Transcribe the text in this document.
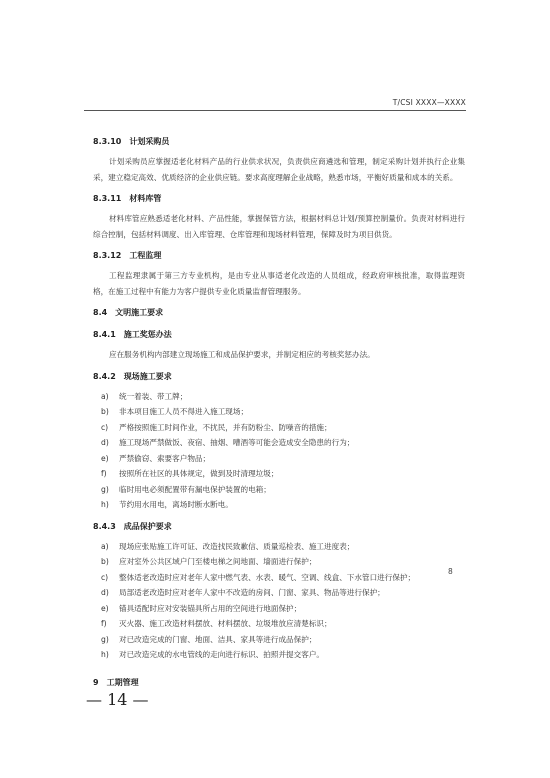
T/CSI XXXX—XXXX
8.3.10 计划采购员
计划采购员应掌握适老化材料产品的行业供求状况，负责供应商遴选和管理，制定采购计划并执行企业集采，建立稳定高效、优质经济的企业供应链。要求高度理解企业战略，熟悉市场，平衡好质量和成本的关系。
8.3.11 材料库管
材料库管应熟悉适老化材料、产品性能，掌握保管方法，根据材料总计划/预算控制量价。负责对材料进行综合控制，包括材料调度、出入库管理、仓库管理和现场材料管理，保障及时为项目供货。
8.3.12 工程监理
工程监理隶属于第三方专业机构，是由专业从事适老化改造的人员组成，经政府审核批准，取得监理资格，在施工过程中有能力为客户提供专业化质量监督管理服务。
8.4 文明施工要求
8.4.1 施工奖惩办法
应在服务机构内部建立现场施工和成品保护要求，并制定相应的考核奖惩办法。
8.4.2 现场施工要求
a) 统一着装、带工牌；
b) 非本项目施工人员不得进入施工现场；
c) 严格按照施工时间作业，不扰民，并有防粉尘、防噪音的措施；
d) 施工现场严禁做饭、夜宿、抽烟、嘈酒等可能会造成安全隐患的行为；
e) 严禁偷窃、索要客户物品；
f) 按照所在社区的具体规定，做到及时清理垃圾；
g) 临时用电必须配置带有漏电保护装置的电箱；
h) 节约用水用电，离场时断水断电。
8.4.3 成品保护要求
a) 现场应张贴施工许可证、改造找民致歉信、质量巡检表、施工进度表；
b) 应对室外公共区域户门至楼电梯之间地面、墙面进行保护；
c) 整体适老改造时应对老年人家中燃气表、水表、暖气、空调、线盒、下水管口进行保护；
d) 局部适老改造时应对老年人家中不改造的房间、门窗、家具、物品等进行保护；
e) 锚具适配时应对安装锚具所占用的空间进行地面保护；
f) 灭火器、施工改造材料摆放、材料摆放、垃圾堆放应清楚标识；
g) 对已改造完成的门窗、地面、洁具、家具等进行成品保护；
h) 对已改造完成的水电管线的走向进行标识、拍照并提交客户。
9 工期管理
8
— 14 —
